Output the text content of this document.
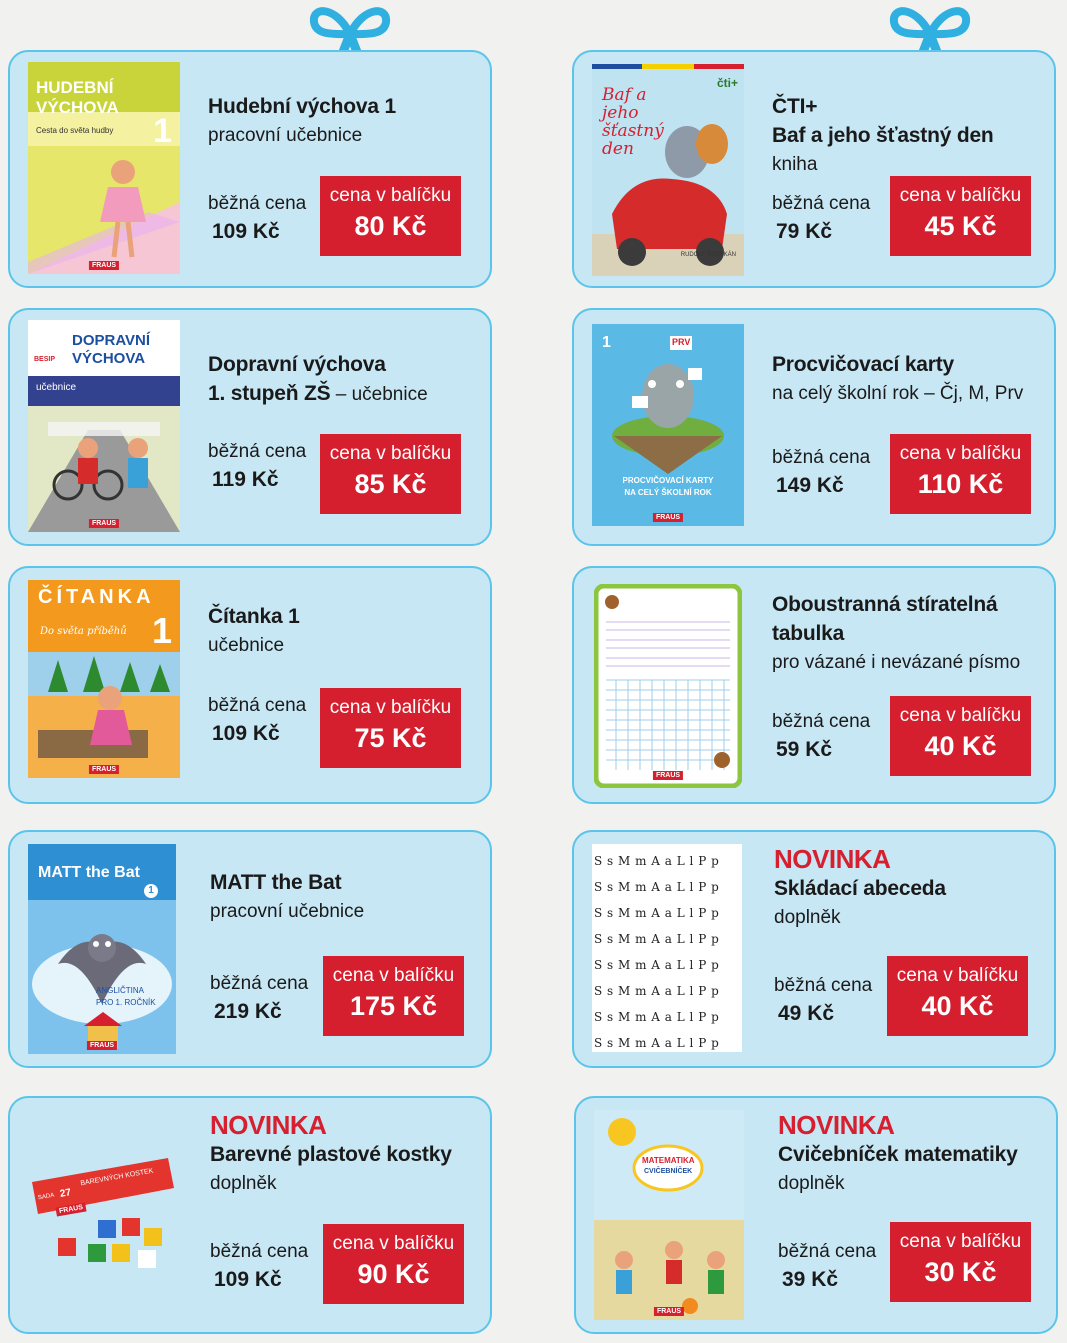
HUDEBNÍ VÝCHOVA
Cesta do světa hudby 1
FRAUS
Hudební výchova 1
pracovní učebnice
běžná cena
109 Kč
cena v balíčku
80 Kč
Baf a jeho šťastný den
čti+
RUDOLF ŠTORKÁN
ČTI+
Baf a jeho šťastný den
kniha
běžná cena
79 Kč
cena v balíčku
45 Kč
DOPRAVNÍ
VÝCHOVA
BESIP
učebnice
FRAUS
Dopravní výchova
1. stupeň ZŠ – učebnice
běžná cena
119 Kč
cena v balíčku
85 Kč
1	PRV
PROCVIČOVACÍ KARTY
NA CELÝ ŠKOLNÍ ROK
FRAUS
Procvičovací karty
na celý školní rok – Čj, M, Prv
běžná cena
149 Kč
cena v balíčku
110 Kč
ČÍTANKA
Do světa příběhů 1
FRAUS
Čítanka 1
učebnice
běžná cena
109 Kč
cena v balíčku
75 Kč
FRAUS
Oboustranná stíratelná
tabulka
pro vázané i nevázané písmo
běžná cena
59 Kč
cena v balíčku
40 Kč
MATT the Bat
1
ANGLIČTINA
PRO 1. ROČNÍK
FRAUS
MATT the Bat
pracovní učebnice
běžná cena
219 Kč
cena v balíčku
175 Kč
S s M m A a L l P p
S s M m A a L l P p
S s M m A a L l P p
S s M m A a L l P p
S s M m A a L l P p
S s M m A a L l P p
S s M m A a L l P p
S s M m A a L l P p
NOVINKA
Skládací abeceda
doplněk
běžná cena
49 Kč
cena v balíčku
40 Kč
SADA 27
BAREVNÝCH KOSTEK
FRAUS
NOVINKA
Barevné plastové kostky
doplněk
běžná cena
109 Kč
cena v balíčku
90 Kč
MATEMATIKA
CVIČEBNÍČEK
FRAUS
NOVINKA
Cvičebníček matematiky
doplněk
běžná cena
39 Kč
cena v balíčku
30 Kč
